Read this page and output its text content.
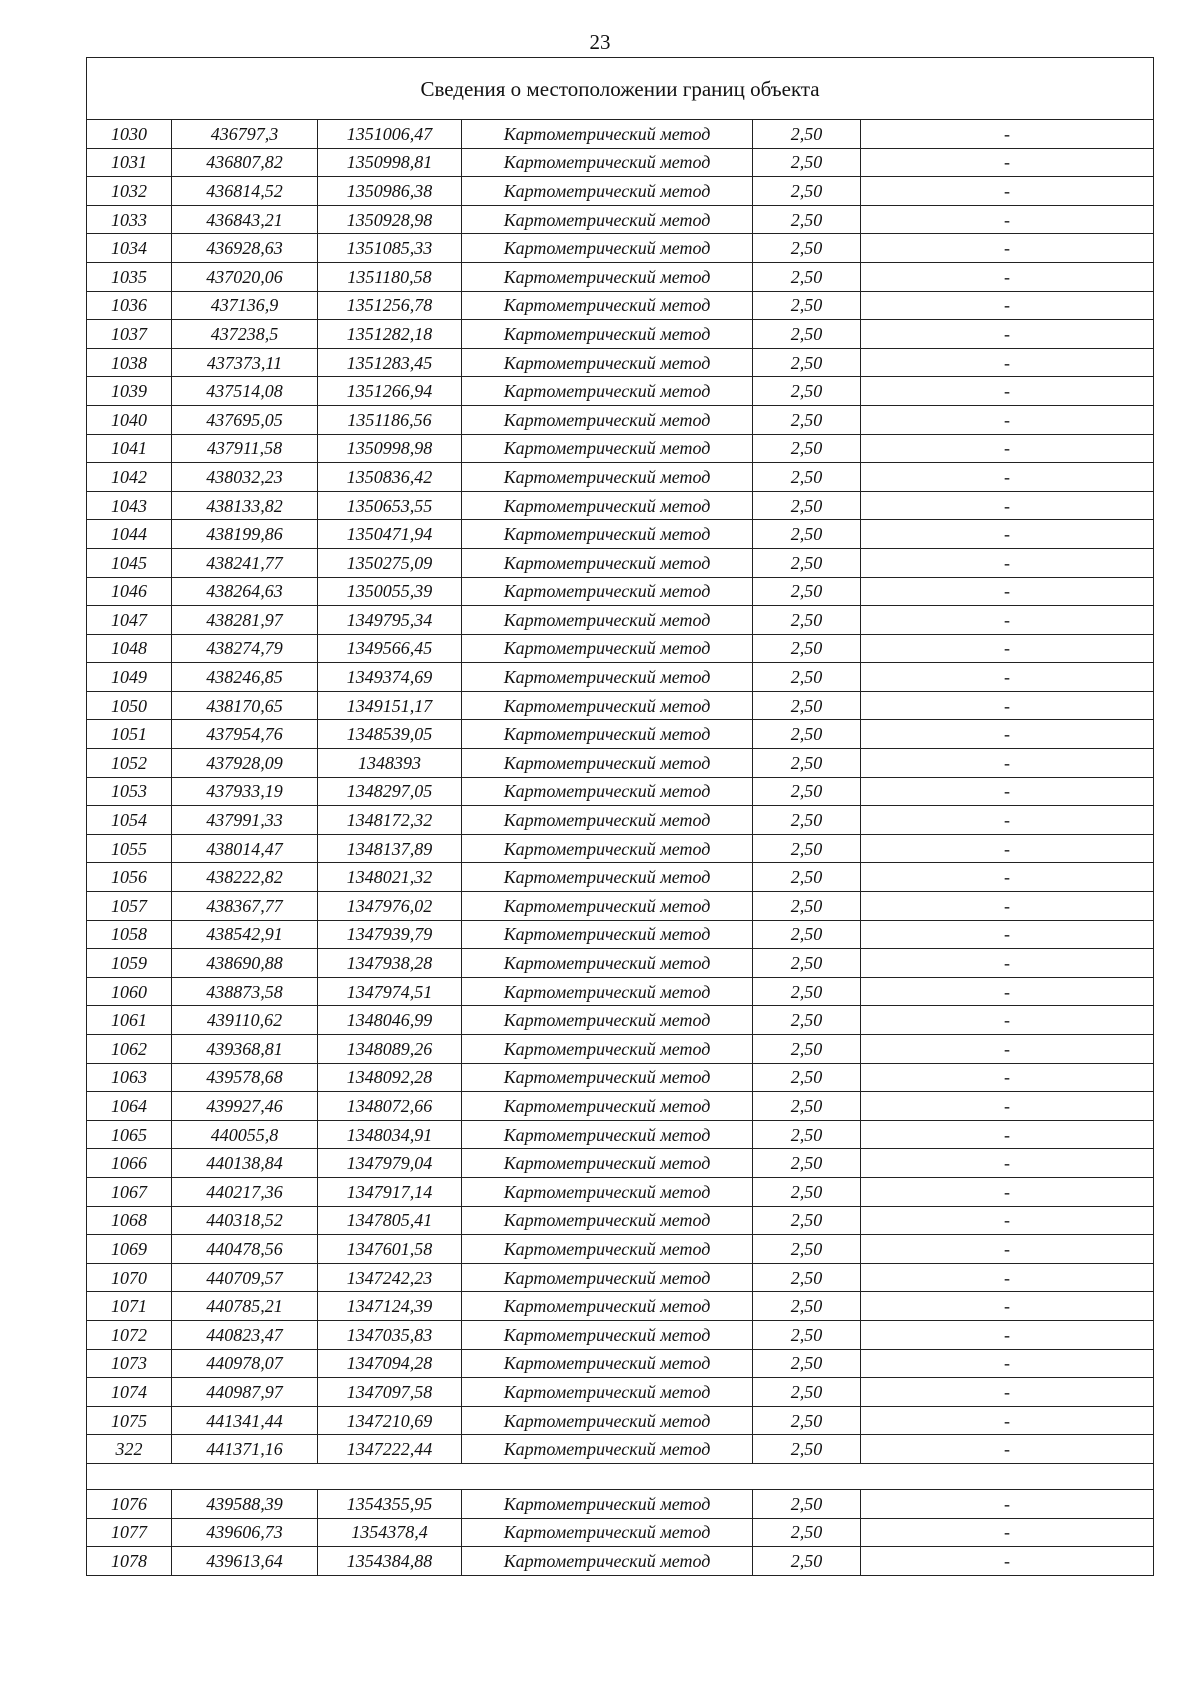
23
Сведения о местоположении границ объекта					
1030	436797,3	1351006,47	Картометрический метод	2,50	-
1031	436807,82	1350998,81	Картометрический метод	2,50	-
1032	436814,52	1350986,38	Картометрический метод	2,50	-
1033	436843,21	1350928,98	Картометрический метод	2,50	-
1034	436928,63	1351085,33	Картометрический метод	2,50	-
1035	437020,06	1351180,58	Картометрический метод	2,50	-
1036	437136,9	1351256,78	Картометрический метод	2,50	-
1037	437238,5	1351282,18	Картометрический метод	2,50	-
1038	437373,11	1351283,45	Картометрический метод	2,50	-
1039	437514,08	1351266,94	Картометрический метод	2,50	-
1040	437695,05	1351186,56	Картометрический метод	2,50	-
1041	437911,58	1350998,98	Картометрический метод	2,50	-
1042	438032,23	1350836,42	Картометрический метод	2,50	-
1043	438133,82	1350653,55	Картометрический метод	2,50	-
1044	438199,86	1350471,94	Картометрический метод	2,50	-
1045	438241,77	1350275,09	Картометрический метод	2,50	-
1046	438264,63	1350055,39	Картометрический метод	2,50	-
1047	438281,97	1349795,34	Картометрический метод	2,50	-
1048	438274,79	1349566,45	Картометрический метод	2,50	-
1049	438246,85	1349374,69	Картометрический метод	2,50	-
1050	438170,65	1349151,17	Картометрический метод	2,50	-
1051	437954,76	1348539,05	Картометрический метод	2,50	-
1052	437928,09	1348393	Картометрический метод	2,50	-
1053	437933,19	1348297,05	Картометрический метод	2,50	-
1054	437991,33	1348172,32	Картометрический метод	2,50	-
1055	438014,47	1348137,89	Картометрический метод	2,50	-
1056	438222,82	1348021,32	Картометрический метод	2,50	-
1057	438367,77	1347976,02	Картометрический метод	2,50	-
1058	438542,91	1347939,79	Картометрический метод	2,50	-
1059	438690,88	1347938,28	Картометрический метод	2,50	-
1060	438873,58	1347974,51	Картометрический метод	2,50	-
1061	439110,62	1348046,99	Картометрический метод	2,50	-
1062	439368,81	1348089,26	Картометрический метод	2,50	-
1063	439578,68	1348092,28	Картометрический метод	2,50	-
1064	439927,46	1348072,66	Картометрический метод	2,50	-
1065	440055,8	1348034,91	Картометрический метод	2,50	-
1066	440138,84	1347979,04	Картометрический метод	2,50	-
1067	440217,36	1347917,14	Картометрический метод	2,50	-
1068	440318,52	1347805,41	Картометрический метод	2,50	-
1069	440478,56	1347601,58	Картометрический метод	2,50	-
1070	440709,57	1347242,23	Картометрический метод	2,50	-
1071	440785,21	1347124,39	Картометрический метод	2,50	-
1072	440823,47	1347035,83	Картометрический метод	2,50	-
1073	440978,07	1347094,28	Картометрический метод	2,50	-
1074	440987,97	1347097,58	Картометрический метод	2,50	-
1075	441341,44	1347210,69	Картометрический метод	2,50	-
322	441371,16	1347222,44	Картометрический метод	2,50	-

1076	439588,39	1354355,95	Картометрический метод	2,50	-
1077	439606,73	1354378,4	Картометрический метод	2,50	-
1078	439613,64	1354384,88	Картометрический метод	2,50	-
